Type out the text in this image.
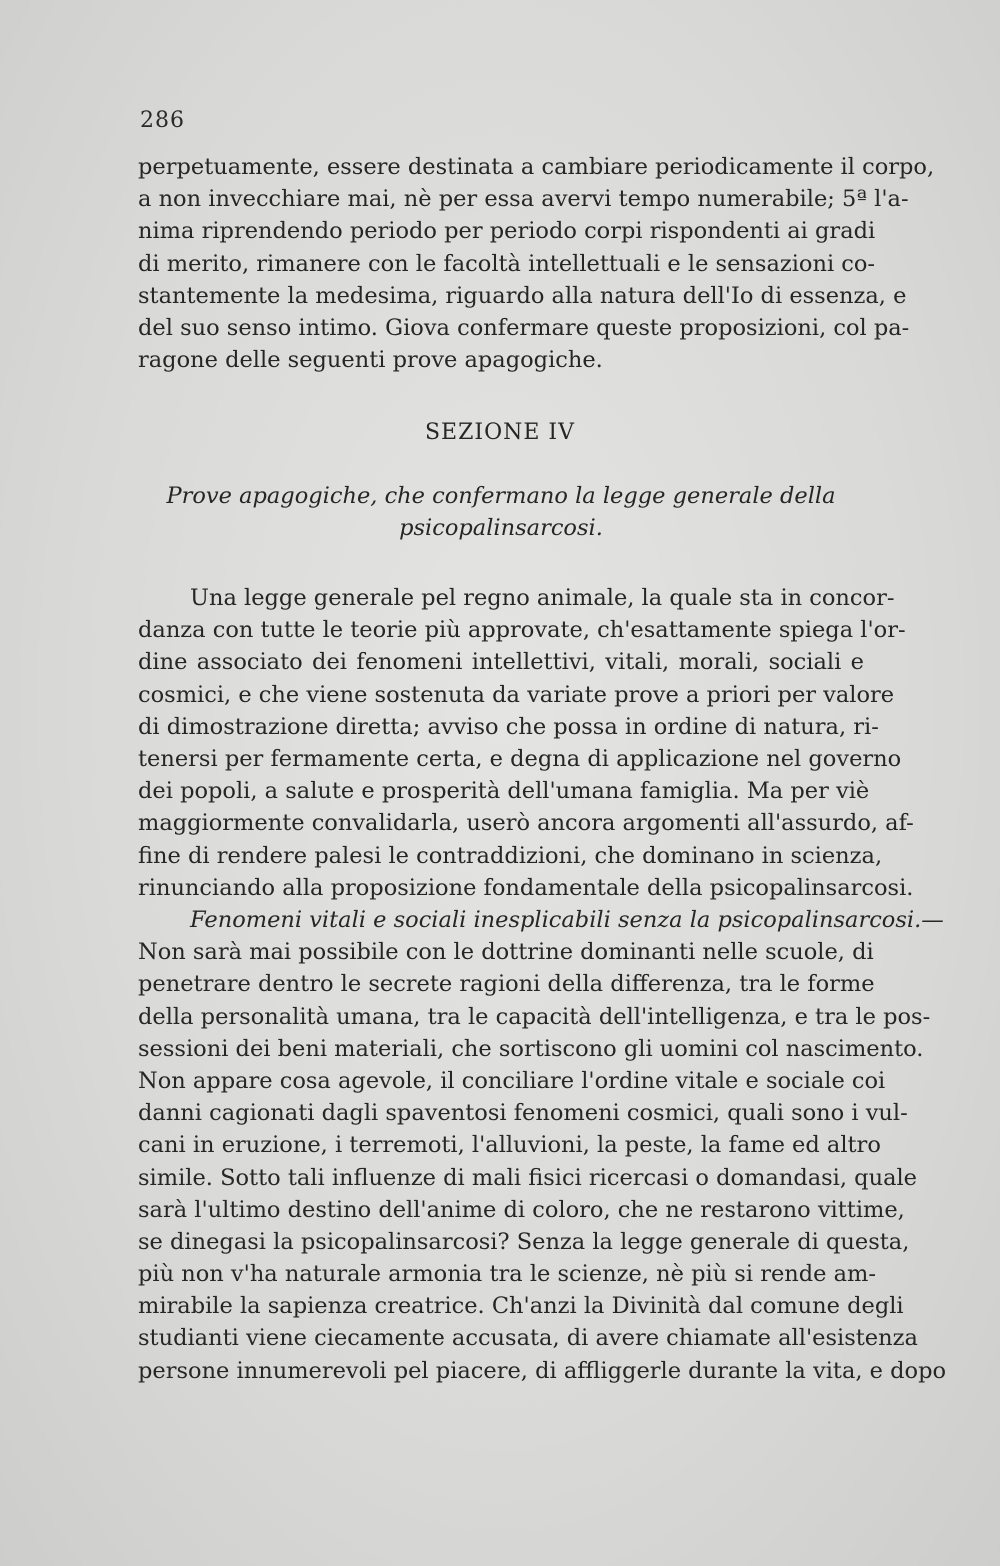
286
perpetuamente, essere destinata a cambiare periodicamente il corpo,
a non invecchiare mai, nè per essa avervi tempo numerabile; 5ª l'a-
nima riprendendo periodo per periodo corpi rispondenti ai gradi
di merito, rimanere con le facoltà intellettuali e le sensazioni co-
stantemente la medesima, riguardo alla natura dell'Io di essenza, e
del suo senso intimo. Giova confermare queste proposizioni, col pa-
ragone delle seguenti prove apagogiche.
SEZIONE IV
Prove apagogiche, che confermano la legge generale della
psicopalinsarcosi.
Una legge generale pel regno animale, la quale sta in concor-
danza con tutte le teorie più approvate, ch'esattamente spiega l'or-
dine associato dei fenomeni intellettivi, vitali, morali, sociali e
cosmici, e che viene sostenuta da variate prove a priori per valore
di dimostrazione diretta; avviso che possa in ordine di natura, ri-
tenersi per fermamente certa, e degna di applicazione nel governo
dei popoli, a salute e prosperità dell'umana famiglia. Ma per viè
maggiormente convalidarla, userò ancora argomenti all'assurdo, af-
fine di rendere palesi le contraddizioni, che dominano in scienza,
rinunciando alla proposizione fondamentale della psicopalinsarcosi.
Fenomeni vitali e sociali inesplicabili senza la psicopalinsarcosi.—
Non sarà mai possibile con le dottrine dominanti nelle scuole, di
penetrare dentro le secrete ragioni della differenza, tra le forme
della personalità umana, tra le capacità dell'intelligenza, e tra le pos-
sessioni dei beni materiali, che sortiscono gli uomini col nascimento.
Non appare cosa agevole, il conciliare l'ordine vitale e sociale coi
danni cagionati dagli spaventosi fenomeni cosmici, quali sono i vul-
cani in eruzione, i terremoti, l'alluvioni, la peste, la fame ed altro
simile. Sotto tali influenze di mali fisici ricercasi o domandasi, quale
sarà l'ultimo destino dell'anime di coloro, che ne restarono vittime,
se dinegasi la psicopalinsarcosi? Senza la legge generale di questa,
più non v'ha naturale armonia tra le scienze, nè più si rende am-
mirabile la sapienza creatrice. Ch'anzi la Divinità dal comune degli
studianti viene ciecamente accusata, di avere chiamate all'esistenza
persone innumerevoli pel piacere, di affliggerle durante la vita, e dopo
